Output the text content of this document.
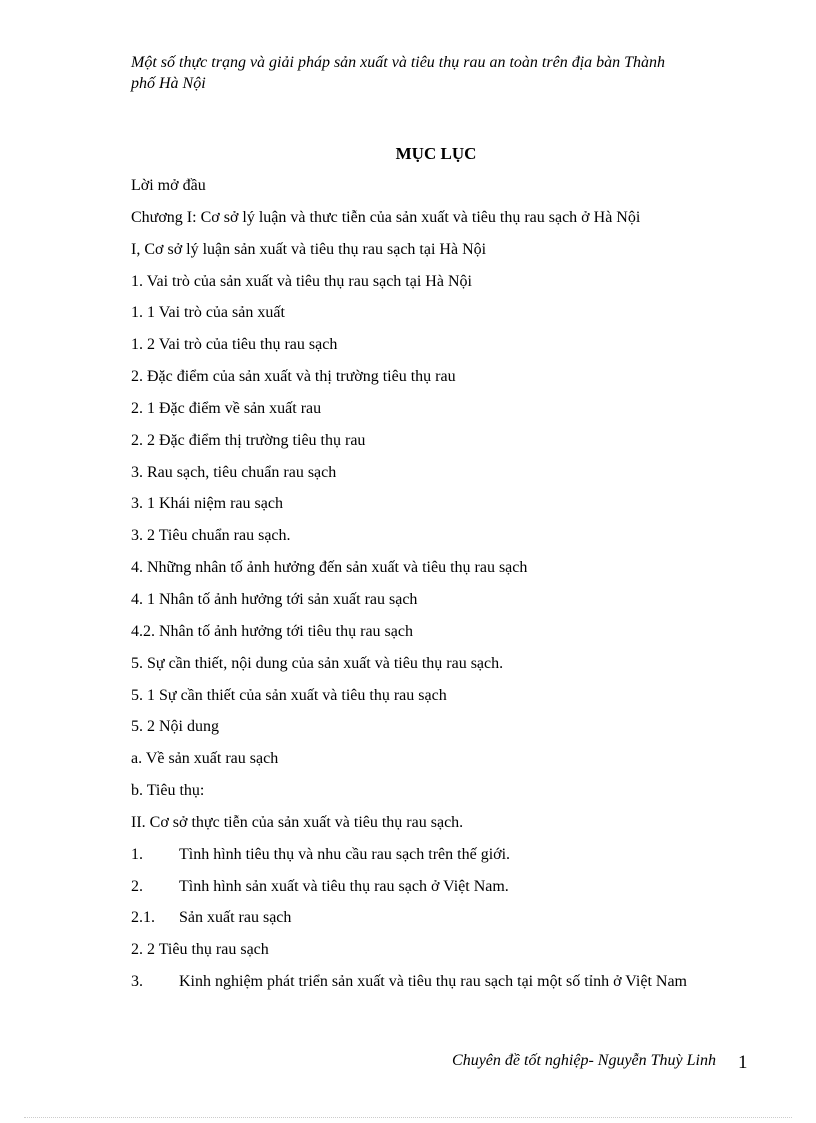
Một số thực trạng và giải pháp sản xuất và tiêu thụ rau an toàn trên địa bàn Thành
phố Hà Nội
MỤC LỤC
Lời mở đầu
Chương I: Cơ sở lý luận và thưc tiễn của sản xuất và tiêu thụ rau sạch ở Hà Nội
I, Cơ sở lý luận sản xuất và tiêu thụ rau sạch tại Hà Nội
1. Vai trò của sản xuất và tiêu thụ rau sạch tại Hà Nội
1. 1 Vai trò của sản xuất
1. 2 Vai trò của tiêu thụ rau sạch
2. Đặc điểm của sản xuất và thị trường tiêu thụ rau
2. 1 Đặc điểm về sản xuất rau
2. 2 Đặc điểm thị trường tiêu thụ rau
3. Rau sạch, tiêu chuẩn rau sạch
3. 1 Khái niệm rau sạch
3. 2 Tiêu chuẩn rau sạch.
4. Những nhân tố ảnh hưởng đến sản xuất và tiêu thụ rau sạch
4. 1 Nhân tố ảnh hưởng tới sản xuất rau sạch
4.2. Nhân tố ảnh hưởng tới tiêu thụ rau sạch
5. Sự cần thiết, nội dung của sản xuất và tiêu thụ rau sạch.
5. 1 Sự cần thiết của sản xuất và tiêu thụ rau sạch
5. 2 Nội dung
a. Về sản xuất rau sạch
b. Tiêu thụ:
II. Cơ sở thực tiễn của sản xuất và tiêu thụ rau sạch.
1. Tình hình tiêu thụ và nhu cầu rau sạch trên thế giới.
2. Tình hình sản xuất và tiêu thụ rau sạch ở Việt Nam.
2.1. Sản xuất rau sạch
2. 2 Tiêu thụ rau sạch
3. Kinh nghiệm phát triển sản xuất và tiêu thụ rau sạch tại một số tỉnh ở Việt Nam
Chuyên đề tốt nghiệp- Nguyễn Thuỳ Linh 1
